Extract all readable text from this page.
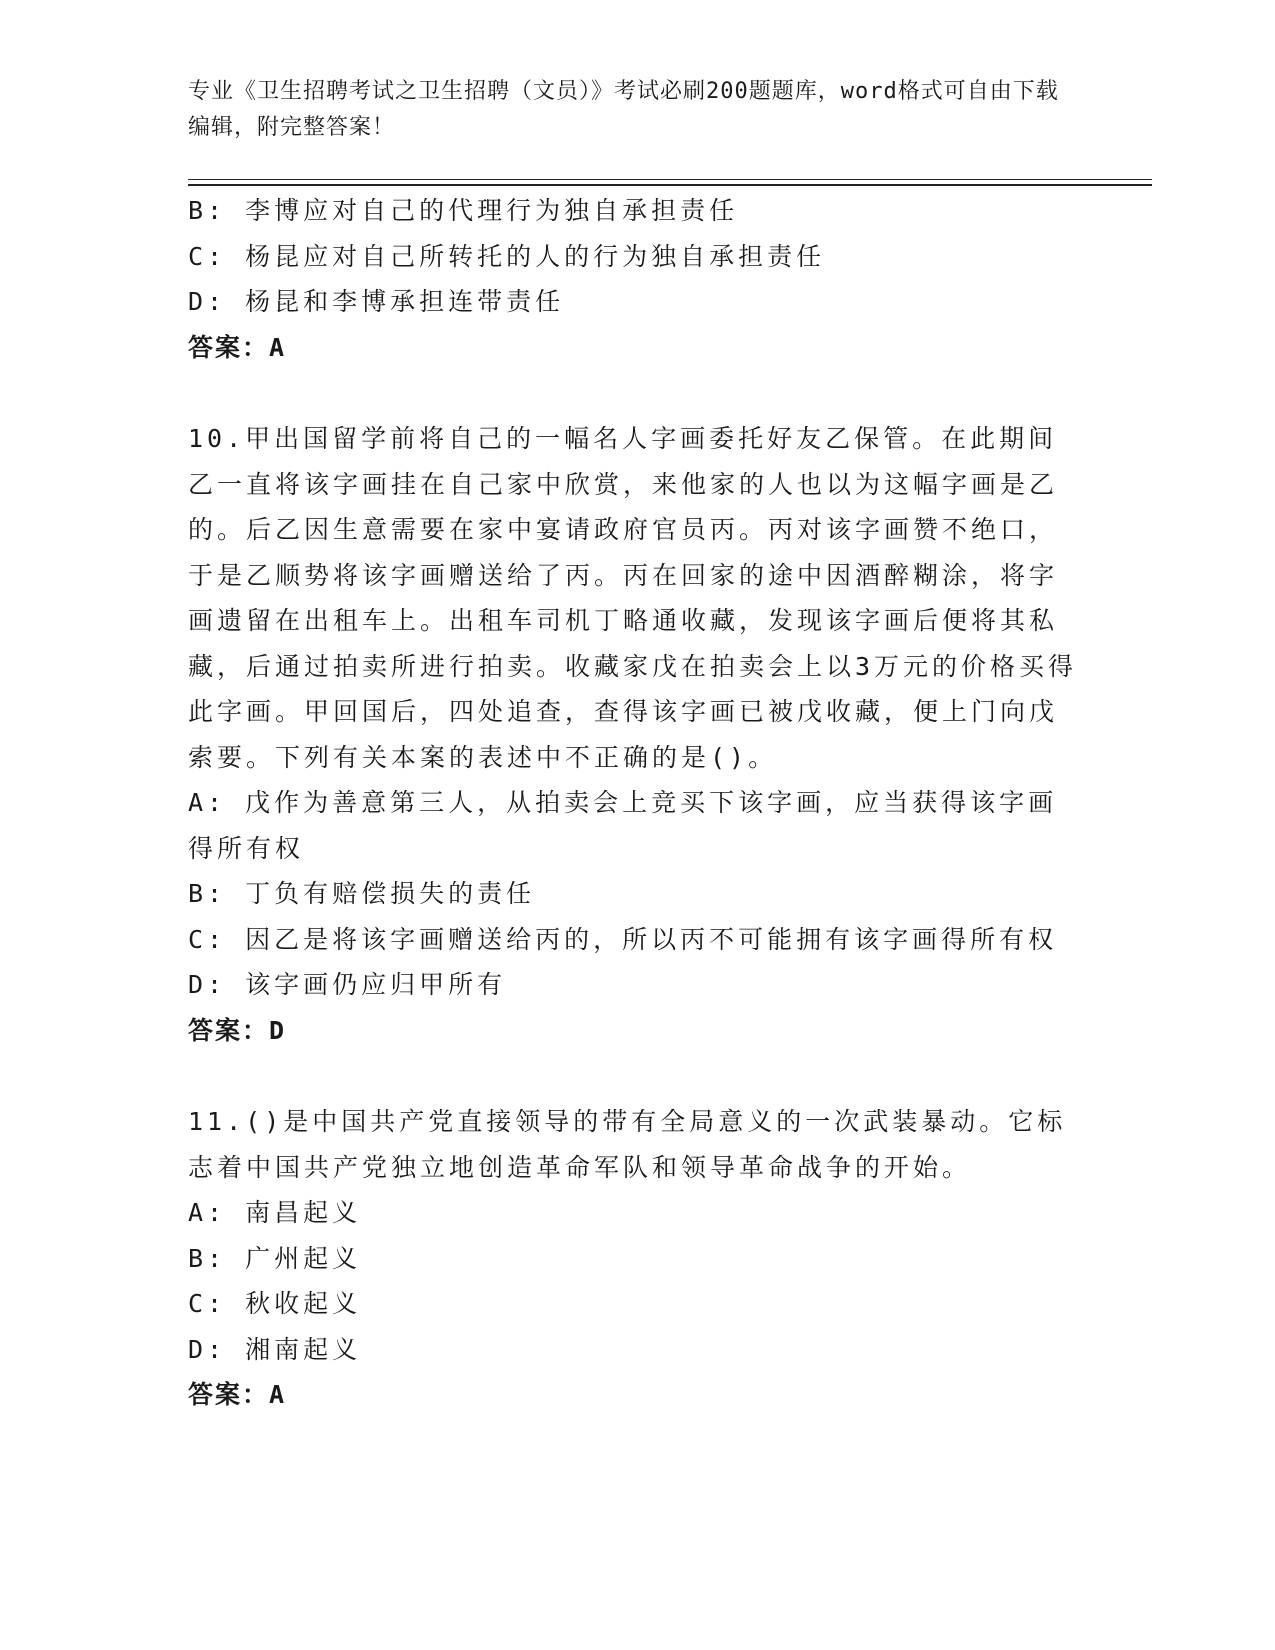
专业《卫生招聘考试之卫生招聘（文员）》考试必刷200题题库，word格式可自由下载编辑，附完整答案！

B: 李博应对自己的代理行为独自承担责任

C: 杨昆应对自己所转托的人的行为独自承担责任

D: 杨昆和李博承担连带责任

答案：A

10.甲出国留学前将自己的一幅名人字画委托好友乙保管。在此期间乙一直将该字画挂在自己家中欣赏，来他家的人也以为这幅字画是乙的。后乙因生意需要在家中宴请政府官员丙。丙对该字画赞不绝口，于是乙顺势将该字画赠送给了丙。丙在回家的途中因酒醉糊涂，将字画遗留在出租车上。出租车司机丁略通收藏，发现该字画后便将其私藏，后通过拍卖所进行拍卖。收藏家戊在拍卖会上以3万元的价格买得此字画。甲回国后，四处追查，查得该字画已被戊收藏，便上门向戊索要。下列有关本案的表述中不正确的是()。

A: 戊作为善意第三人，从拍卖会上竞买下该字画，应当获得该字画得所有权

B: 丁负有赔偿损失的责任

C: 因乙是将该字画赠送给丙的，所以丙不可能拥有该字画得所有权

D: 该字画仍应归甲所有

答案：D

11.()是中国共产党直接领导的带有全局意义的一次武装暴动。它标志着中国共产党独立地创造革命军队和领导革命战争的开始。

A: 南昌起义

B: 广州起义

C: 秋收起义

D: 湘南起义

答案：A
